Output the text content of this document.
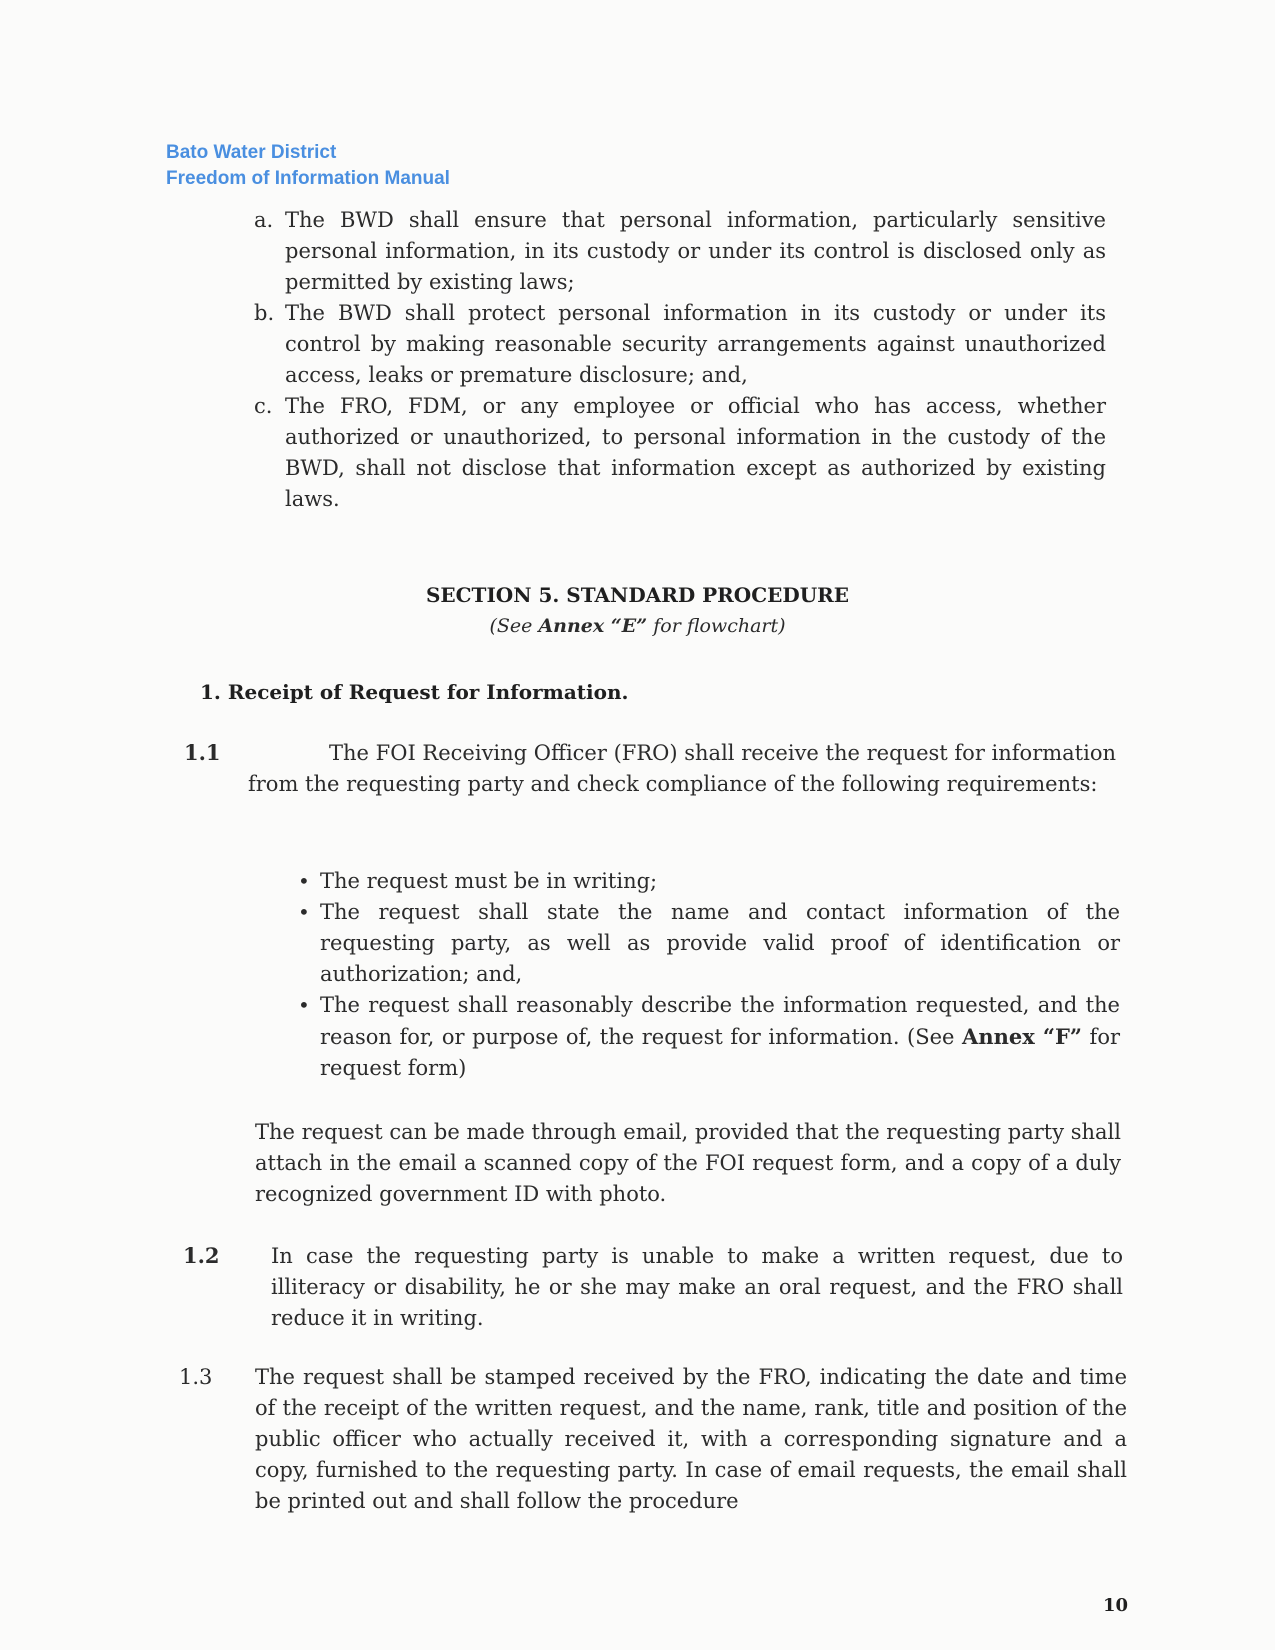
Bato Water District
Freedom of Information Manual
a. The BWD shall ensure that personal information, particularly sensitive personal information, in its custody or under its control is disclosed only as permitted by existing laws;
b. The BWD shall protect personal information in its custody or under its control by making reasonable security arrangements against unauthorized access, leaks or premature disclosure; and,
c. The FRO, FDM, or any employee or official who has access, whether authorized or unauthorized, to personal information in the custody of the BWD, shall not disclose that information except as authorized by existing laws.
SECTION 5. STANDARD PROCEDURE
(See Annex “E” for flowchart)
1. Receipt of Request for Information.
1.1	The FOI Receiving Officer (FRO) shall receive the request for information from the requesting party and check compliance of the following requirements:
• The request must be in writing;
• The request shall state the name and contact information of the requesting party, as well as provide valid proof of identification or authorization; and,
• The request shall reasonably describe the information requested, and the reason for, or purpose of, the request for information. (See Annex “F” for request form)
The request can be made through email, provided that the requesting party shall attach in the email a scanned copy of the FOI request form, and a copy of a duly recognized government ID with photo.
1.2 In case the requesting party is unable to make a written request, due to illiteracy or disability, he or she may make an oral request, and the FRO shall reduce it in writing.
1.3 The request shall be stamped received by the FRO, indicating the date and time of the receipt of the written request, and the name, rank, title and position of the public officer who actually received it, with a corresponding signature and a copy, furnished to the requesting party. In case of email requests, the email shall be printed out and shall follow the procedure
10
